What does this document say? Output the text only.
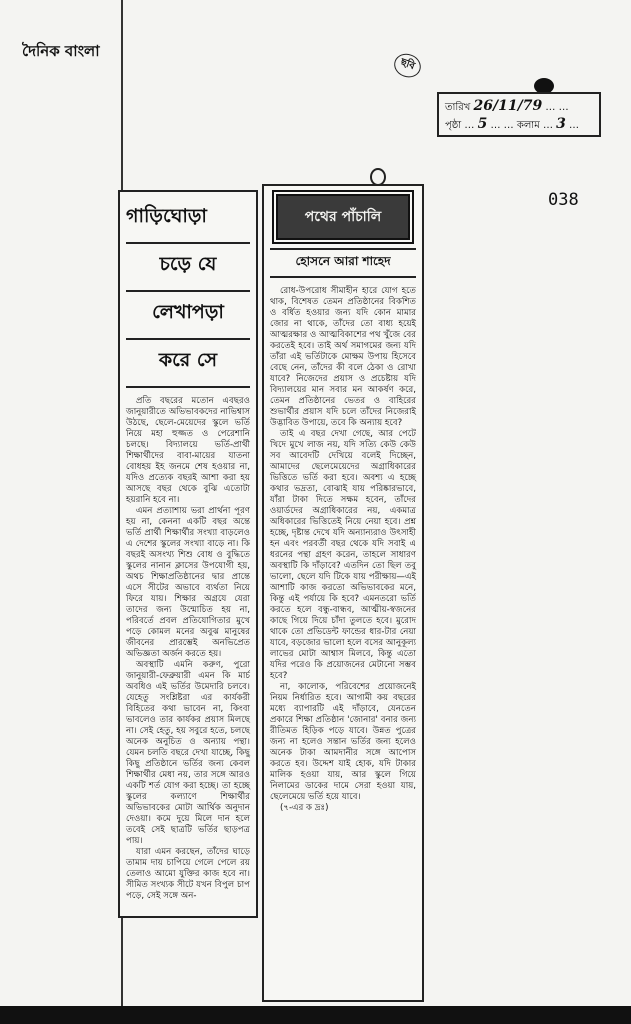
দৈনিক বাংলা
ছবি
তারিখ 26/11/79 … …
পৃষ্ঠা … 5 … … কলাম … 3 …
038
গাড়িঘোড়া
চড়ে যে
লেখাপড়া
করে সে

প্রতি বছরের মতোন এবছরও জানুয়ারীতে অভিভাবকদের নাভিশ্বাস উঠছে, ছেলে-মেয়েদের স্কুলে ভর্তি নিয়ে মহা হুজ্জত ও পেরেশানি চলছে। বিদ্যালয়ে ভর্তি-প্রার্থী শিক্ষার্থীদের বাবা-মায়ের যাতনা বোধহয় ইহ জনমে শেষ হওয়ার না, যদিও প্রত্যেক বছরই আশা করা হয় আসছে বছর থেকে বুঝি এতোটা হয়রানি হবে না।

এমন প্রত্যাশায় ভরা প্রার্থনা পূরণ হয় না, কেননা একটি বছর অন্তে ভর্তি প্রার্থী শিক্ষার্থীর সংখ্যা বাড়লেও এ দেশের স্কুলের সংখ্যা বাড়ে না। কি বছরই অসংখ্য শিশু বোধ ও বুদ্ধিতে স্কুলের নানান ক্লাসের উপযোগী হয়, অথচ শিক্ষাপ্রতিষ্ঠানের দ্বার প্রান্তে এসে সীটের অভাবে ব্যর্থতা নিয়ে ফিরে যায়। শিক্ষার অগ্রযে যেরা তাদের জন্য উন্মোচিত হয় না, পরিবর্তে প্রবল প্রতিযোগিতার মুখে পড়ে কোমল মনের অবুঝ মানুষের জীবনের প্রারম্ভেই অনভিপ্রেত অভিজ্ঞতা অর্জন করতে হয়।

অবস্থাটি এমনি করুণ, পুরো জানুয়ারী-ফেব্রুয়ারী এমন কি মার্চ অবধিও এই ভর্তির উমেদারি চলবে। যেহেতু সংশ্লিষ্টরা এর কার্যকরী বিহিতের কথা ভাবেন না, কিংবা ভাবলেও তার কার্যকর প্রয়াস মিলছে না। সেই হেতু, হয় সবুরে হতে, চলছে অনেক অনুচিত ও অন্যায় পন্থা। যেমন চলতি বছরে দেখা যাচ্ছে, কিছু কিছু প্রতিষ্ঠানে ভর্তির জন্য কেবল শিক্ষার্থীর মেধা নয়, তার সঙ্গে আরও একটি শর্ত যোগ করা হচ্ছে। তা হচ্ছে স্কুলের কল্যাণে শিক্ষার্থীর অভিভাবকের মোটা আর্থিক অনুদান দেওয়া। কমে দুয়ে মিলে দান হলে তবেই সেই ছাত্রটি ভর্তির ছাড়পত্র পায়।

যারা এমন করছেন, তাঁদের ঘাড়ে তামাম দায় চাপিয়ে গেলে পেলে রয় তেলাও আমো যুক্তির কাজ হবে না। সীমিত সংখ্যক সীটে যখন বিপুল চাপ পড়ে, সেই সঙ্গে অন-

পথের পাঁচালি
হোসনে আরা শাহেদ

রোধ-উপরোধ সীমাহীন হারে যোগ হতে থাক, বিশেষত তেমন প্রতিষ্ঠানের বিকশিত ও বর্ধিত হওয়ার জন্য যদি কোন মামার জোর না থাকে, তাঁদের তো বাধ্য হয়েই আত্মরক্ষার ও আত্মবিকাশের পথ খুঁজে বের করতেই হবে। তাই অর্থ সমাগমের জন্য যদি তাঁরা এই ভর্তিটাকে মোক্ষম উপায় হিসেবে বেছে নেন, তাঁদের কী বলে ঠেকা ও রোখা যাবে? নিজেদের প্রয়াস ও প্রচেষ্টায় যদি বিদ্যালয়ের মান সবার মন আকর্ষণ করে, তেমন প্রতিষ্ঠানের ভেতর ও বাহিরের শুভার্থীর প্রয়াস যদি চলে তাঁদের নিজেরাই উদ্ভাবিত উপায়ে, তবে কি অন্যায় হবে?

তাই এ বছর দেখা গেছে, আর পেটে খিদে মুখে লাজ নয়, যদি সত্যি কেউ কেউ সব আবেদটি দেখিয়ে বলেই দিচ্ছেন, আমাদের ছেলেমেয়েদের অগ্রাধিকারের ভিত্তিতে ভর্তি করা হবে। অবশ্য এ হচ্ছে কথার ভদ্রতা, বোঝাই যায় পরিষ্কারভাবে, যাঁরা টাকা দিতে সক্ষম হবেন, তাঁদের ওয়ার্ডদের অগ্রাধিকারের নয়, একমাত্র অধিকারের ভিত্তিতেই নিয়ে নেয়া হবে। প্রশ্ন হচ্ছে, দৃষ্টান্ত দেখে যদি অন্যান্যরাও উৎসাহী হন এবং পরবর্তী বছর থেকে যদি সবাই এ ধরনের পন্থা গ্রহণ করেন, তাহলে সাধারণ অবস্থাটি কি দাঁড়াবে? এতদিন তো ছিল তবু ভালো, ছেলে যদি টিকে যায় পরীক্ষায়—এই আশাটি কাজ করতো অভিভাবকের মনে, কিন্তু এই পর্যায়ে কি হবে? এমনতরো ভর্তি করতে হলে বন্ধু-বান্ধব, আত্মীয়-স্বজনের কাছে গিয়ে দিয়ে চাঁদা তুলতে হবে। মুরোদ থাকে তো প্রভিডেন্ট ফান্ডের ধার-টার নেয়া যাবে, বড়জোর ভালো হলে বসের আনুকূল্য লাভের মোটা আশ্বাস মিলবে, কিন্তু এতো যদির পরেও কি প্রয়োজনের মেটানো সম্ভব হবে?

না, কালোক, পরিবেশের প্রয়োজনেই নিয়ম নির্ধারিত হবে। আগামী কয় বছরের মধ্যে ব্যাপারটি এই দাঁড়াবে, যেনতেন প্রকারে শিক্ষা প্রতিষ্ঠান 'জোনার' বনার জন্য রীতিমত হিড়িক পড়ে যাবে। উন্নত পুত্রের জন্য না হলেও সন্তান ভর্তির জন্য হলেও অনেক টাকা আমদানীর সঙ্গে আপোস করতে হব। উদ্দেশ যাই হোক, যদি টাকার মালিক হওয়া যায়, আর স্কুলে গিয়ে নিলামের ডাকের দামে সেরা হওয়া যায়, ছেলেমেয়ে ভর্তি হয়ে যাবে।

(৭-এর ক দ্রঃ)
